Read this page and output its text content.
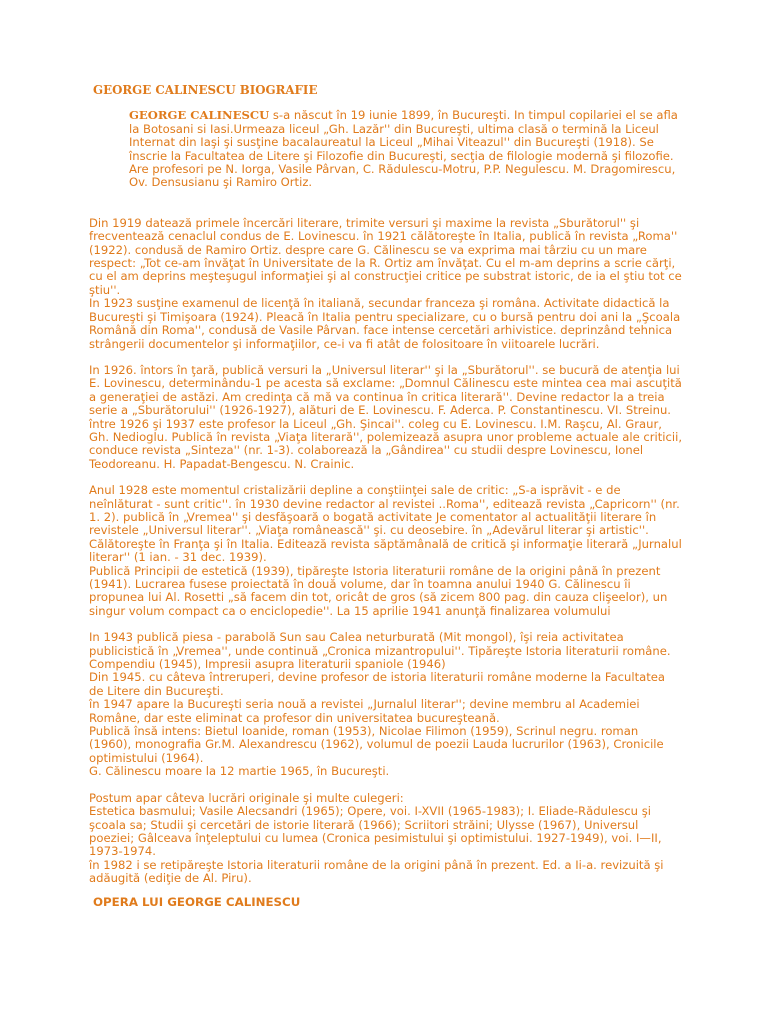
GEORGE CALINESCU BIOGRAFIE

GEORGE CALINESCU s-a născut în 19 iunie 1899, în Bucureşti. In timpul copilariei el se afla la Botosani si Iasi.Urmeaza liceul „Gh. Lazăr'' din Bucureşti, ultima clasă o termină la Liceul Internat din Iaşi şi susţine bacalaureatul la Liceul „Mihai Viteazul'' din Bucureşti (1918). Se înscrie la Facultatea de Litere şi Filozofie din Bucureşti, secţia de filologie modernă şi filozofie. Are profesori pe N. Iorga, Vasile Pârvan, C. Rădulescu-Motru, P.P. Negulescu. M. Dragomirescu, Ov. Densusianu şi Ramiro Ortiz.

Din 1919 datează primele încercări literare, trimite versuri şi maxime la revista „Sburătorul'' şi frecventează cenaclul condus de E. Lovinescu. în 1921 călătoreşte în Italia, publică în revista „Roma'' (1922). condusă de Ramiro Ortiz. despre care G. Călinescu se va exprima mai târziu cu un mare respect: „Tot ce-am învăţat în Universitate de la R. Ortiz am învăţat. Cu el m-am deprins a scrie cărţi, cu el am deprins meşteşugul informaţiei şi al construcţiei critice pe substrat istoric, de ia el ştiu tot ce ştiu''.

In 1923 susţine examenul de licenţă în italiană, secundar franceza şi româna. Activitate didactică la Bucureşti şi Timişoara (1924). Pleacă în Italia pentru specializare, cu o bursă pentru doi ani la „Şcoala Română din Roma'', condusă de Vasile Pârvan. face intense cercetări arhivistice. deprinzând tehnica strângerii documentelor şi informaţiilor, ce-i va fi atât de folositoare în viitoarele lucrări.

In 1926. întors în ţară, publică versuri la „Universul literar'' şi la „Sburătorul''. se bucură de atenţia lui E. Lovinescu, determinându-1 pe acesta să exclame: „Domnul Călinescu este mintea cea mai ascuţită a generaţiei de astăzi. Am credinţa că mă va continua în critica literară''. Devine redactor la a treia serie a „Sburătorului'' (1926-1927), alături de E. Lovinescu. F. Aderca. P. Constantinescu. VI. Streinu. între 1926 şi 1937 este profesor la Liceul „Gh. Şincai''. coleg cu E. Lovinescu. I.M. Raşcu, Al. Graur, Gh. Nedioglu. Publică în revista „Viaţa literară'', polemizează asupra unor probleme actuale ale criticii, conduce revista „Sinteza'' (nr. 1-3). colaborează la „Gândirea'' cu studii despre Lovinescu, Ionel Teodoreanu. H. Papadat-Bengescu. N. Crainic.

Anul 1928 este momentul cristalizării depline a conştiinţei sale de critic: „S-a isprăvit - e de neînlăturat - sunt critic''. în 1930 devine redactor al revistei ..Roma'', editează revista „Capricorn'' (nr. 1. 2). publică în „Vremea'' şi desfăşoară o bogată activitate Je comentator al actualităţii literare în revistele „Universul literar''. „Viaţa românească'' şi. cu deosebire. în „Adevărul literar şi artistic''. Călătoreşte în Franţa şi în Italia. Editează revista săptămânală de critică şi informaţie literară „Jurnalul literar'' (1 ian. - 31 dec. 1939).

Publică Principii de estetică (1939), tipăreşte Istoria literaturii române de la origini până în prezent (1941). Lucrarea fusese proiectată în două volume, dar în toamna anului 1940 G. Călinescu îi propunea lui Al. Rosetti „să facem din tot, oricât de gros (să zicem 800 pag. din cauza clişeelor), un singur volum compact ca o enciclopedie''. La 15 aprilie 1941 anunţă finalizarea volumului

In 1943 publică piesa - parabolă Sun sau Calea neturburată (Mit mongol), îşi reia activitatea publicistică în „Vremea'', unde continuă „Cronica mizantropului''. Tipăreşte Istoria literaturii române. Compendiu (1945), Impresii asupra literaturii spaniole (1946)

Din 1945. cu câteva întreruperi, devine profesor de istoria literaturii române moderne la Facultatea de Litere din Bucureşti.

în 1947 apare la Bucureşti seria nouă a revistei „Jurnalul literar''; devine membru al Academiei Române, dar este eliminat ca profesor din universitatea bucureşteană.

Publică însă intens: Bietul Ioanide, roman (1953), Nicolae Filimon (1959), Scrinul negru. roman (1960), monografia Gr.M. Alexandrescu (1962), volumul de poezii Lauda lucrurilor (1963), Cronicile optimistului (1964).

G. Călinescu moare la 12 martie 1965, în Bucureşti.

Postum apar câteva lucrări originale şi multe culegeri:

Estetica basmului; Vasile Alecsandri (1965); Opere, voi. I-XVII (1965-1983); I. Eliade-Rădulescu şi şcoala sa; Studii şi cercetări de istorie literară (1966); Scriitori străini; Ulysse (1967), Universul poeziei; Gâlceava înţeleptului cu lumea (Cronica pesimistului şi optimistului. 1927-1949), voi. I—II, 1973-1974.

în 1982 i se retipăreşte Istoria literaturii române de la origini până în prezent. Ed. a Ii-a. revizuită şi adăugită (ediţie de Al. Piru).

OPERA LUI GEORGE CALINESCU
